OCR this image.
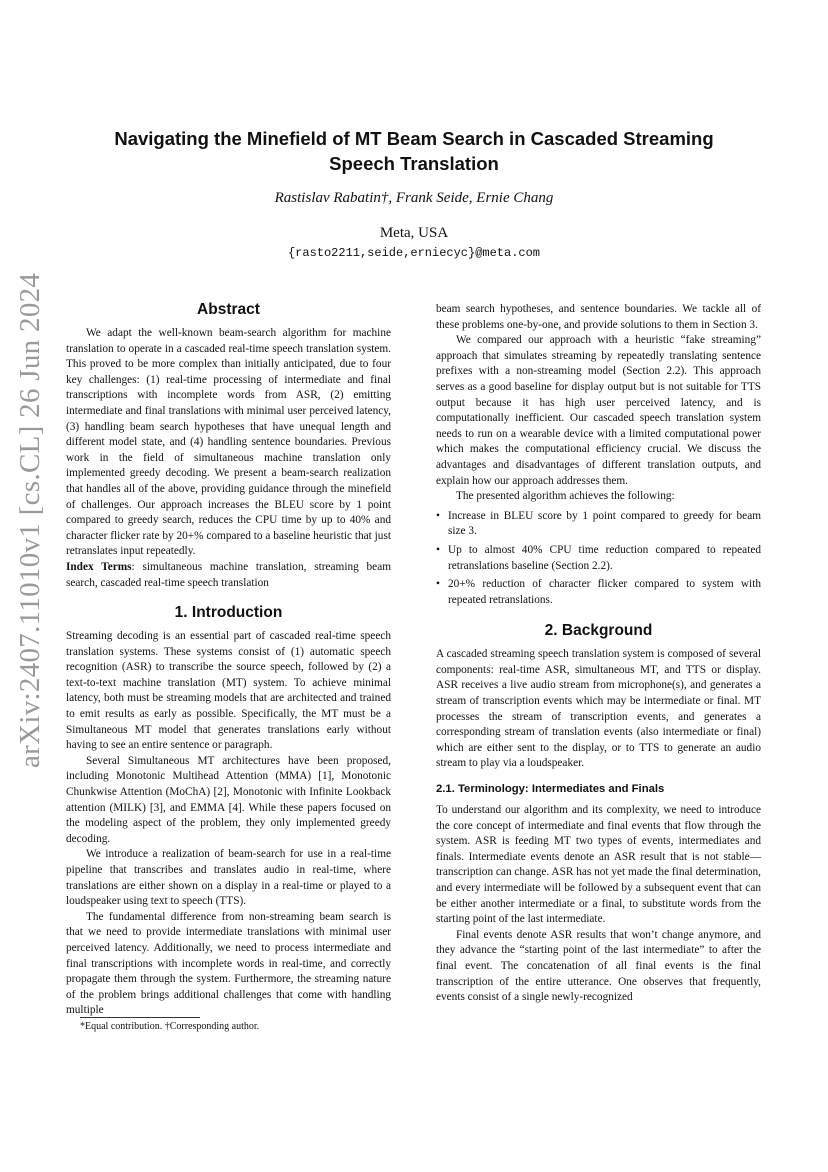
arXiv:2407.11010v1 [cs.CL] 26 Jun 2024
Navigating the Minefield of MT Beam Search in Cascaded Streaming Speech Translation
Rastislav Rabatin†, Frank Seide, Ernie Chang
Meta, USA
{rasto2211,seide,erniecyc}@meta.com
Abstract

We adapt the well-known beam-search algorithm for machine translation to operate in a cascaded real-time speech translation system. This proved to be more complex than initially anticipated, due to four key challenges: (1) real-time processing of intermediate and final transcriptions with incomplete words from ASR, (2) emitting intermediate and final translations with minimal user perceived latency, (3) handling beam search hypotheses that have unequal length and different model state, and (4) handling sentence boundaries. Previous work in the field of simultaneous machine translation only implemented greedy decoding. We present a beam-search realization that handles all of the above, providing guidance through the minefield of challenges. Our approach increases the BLEU score by 1 point compared to greedy search, reduces the CPU time by up to 40% and character flicker rate by 20+% compared to a baseline heuristic that just retranslates input repeatedly.

Index Terms: simultaneous machine translation, streaming beam search, cascaded real-time speech translation

1. Introduction

Streaming decoding is an essential part of cascaded real-time speech translation systems. These systems consist of (1) automatic speech recognition (ASR) to transcribe the source speech, followed by (2) a text-to-text machine translation (MT) system. To achieve minimal latency, both must be streaming models that are architected and trained to emit results as early as possible. Specifically, the MT must be a Simultaneous MT model that generates translations early without having to see an entire sentence or paragraph.

Several Simultaneous MT architectures have been proposed, including Monotonic Multihead Attention (MMA) [1], Monotonic Chunkwise Attention (MoChA) [2], Monotonic with Infinite Lookback attention (MILK) [3], and EMMA [4]. While these papers focused on the modeling aspect of the problem, they only implemented greedy decoding.

We introduce a realization of beam-search for use in a real-time pipeline that transcribes and translates audio in real-time, where translations are either shown on a display in a real-time or played to a loudspeaker using text to speech (TTS).

The fundamental difference from non-streaming beam search is that we need to provide intermediate translations with minimal user perceived latency. Additionally, we need to process intermediate and final transcriptions with incomplete words in real-time, and correctly propagate them through the system. Furthermore, the streaming nature of the problem brings additional challenges that come with handling multiple

beam search hypotheses, and sentence boundaries. We tackle all of these problems one-by-one, and provide solutions to them in Section 3.

We compared our approach with a heuristic “fake streaming” approach that simulates streaming by repeatedly translating sentence prefixes with a non-streaming model (Section 2.2). This approach serves as a good baseline for display output but is not suitable for TTS output because it has high user perceived latency, and is computationally inefficient. Our cascaded speech translation system needs to run on a wearable device with a limited computational power which makes the computational efficiency crucial. We discuss the advantages and disadvantages of different translation outputs, and explain how our approach addresses them.

The presented algorithm achieves the following:

• Increase in BLEU score by 1 point compared to greedy for beam size 3.
• Up to almost 40% CPU time reduction compared to repeated retranslations baseline (Section 2.2).
• 20+% reduction of character flicker compared to system with repeated retranslations.
2. Background

A cascaded streaming speech translation system is composed of several components: real-time ASR, simultaneous MT, and TTS or display. ASR receives a live audio stream from microphone(s), and generates a stream of transcription events which may be intermediate or final. MT processes the stream of transcription events, and generates a corresponding stream of translation events (also intermediate or final) which are either sent to the display, or to TTS to generate an audio stream to play via a loudspeaker.

2.1. Terminology: Intermediates and Finals

To understand our algorithm and its complexity, we need to introduce the core concept of intermediate and final events that flow through the system. ASR is feeding MT two types of events, intermediates and finals. Intermediate events denote an ASR result that is not stable—transcription can change. ASR has not yet made the final determination, and every intermediate will be followed by a subsequent event that can be either another intermediate or a final, to substitute words from the starting point of the last intermediate.

Final events denote ASR results that won’t change anymore, and they advance the “starting point of the last intermediate” to after the final event. The concatenation of all final events is the final transcription of the entire utterance. One observes that frequently, events consist of a single newly-recognized

*Equal contribution. †Corresponding author.
